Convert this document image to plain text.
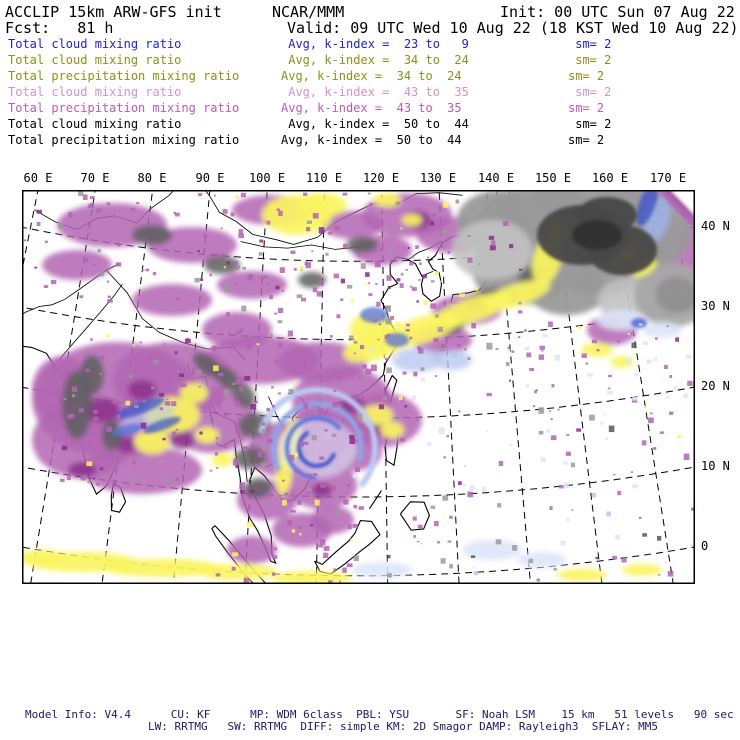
ACCLIP 15km ARW-GFS init	NCAR/MMM	Init: 00 UTC Sun 07 Aug 22
Fcst:   81 h	Valid: 09 UTC Wed 10 Aug 22 (18 KST Wed 10 Aug 22)
Total cloud mixing ratio	Avg, k-index =  23 to   9	sm= 2
Total cloud mixing ratio	Avg, k-index =  34 to  24	sm= 2
Total precipitation mixing ratio	Avg, k-index =  34 to  24	sm= 2
Total cloud mixing ratio	Avg, k-index =  43 to  35	sm= 2
Total precipitation mixing ratio	Avg, k-index =  43 to  35	sm= 2
Total cloud mixing ratio	Avg, k-index =  50 to  44	sm= 2
Total precipitation mixing ratio	Avg, k-index =  50 to  44	sm= 2
60 E 70 E 80 E 90 E 100 E 110 E 120 E 130 E 140 E 150 E 160 E 170 E
40 N
30 N
20 N
10 N
0
Model Info: V4.4      CU: KF      MP: WDM 6class  PBL: YSU       SF: Noah LSM    15 km   51 levels   90 sec
LW: RRTMG   SW: RRTMG  DIFF: simple KM: 2D Smagor DAMP: Rayleigh3  SFLAY: MM5
